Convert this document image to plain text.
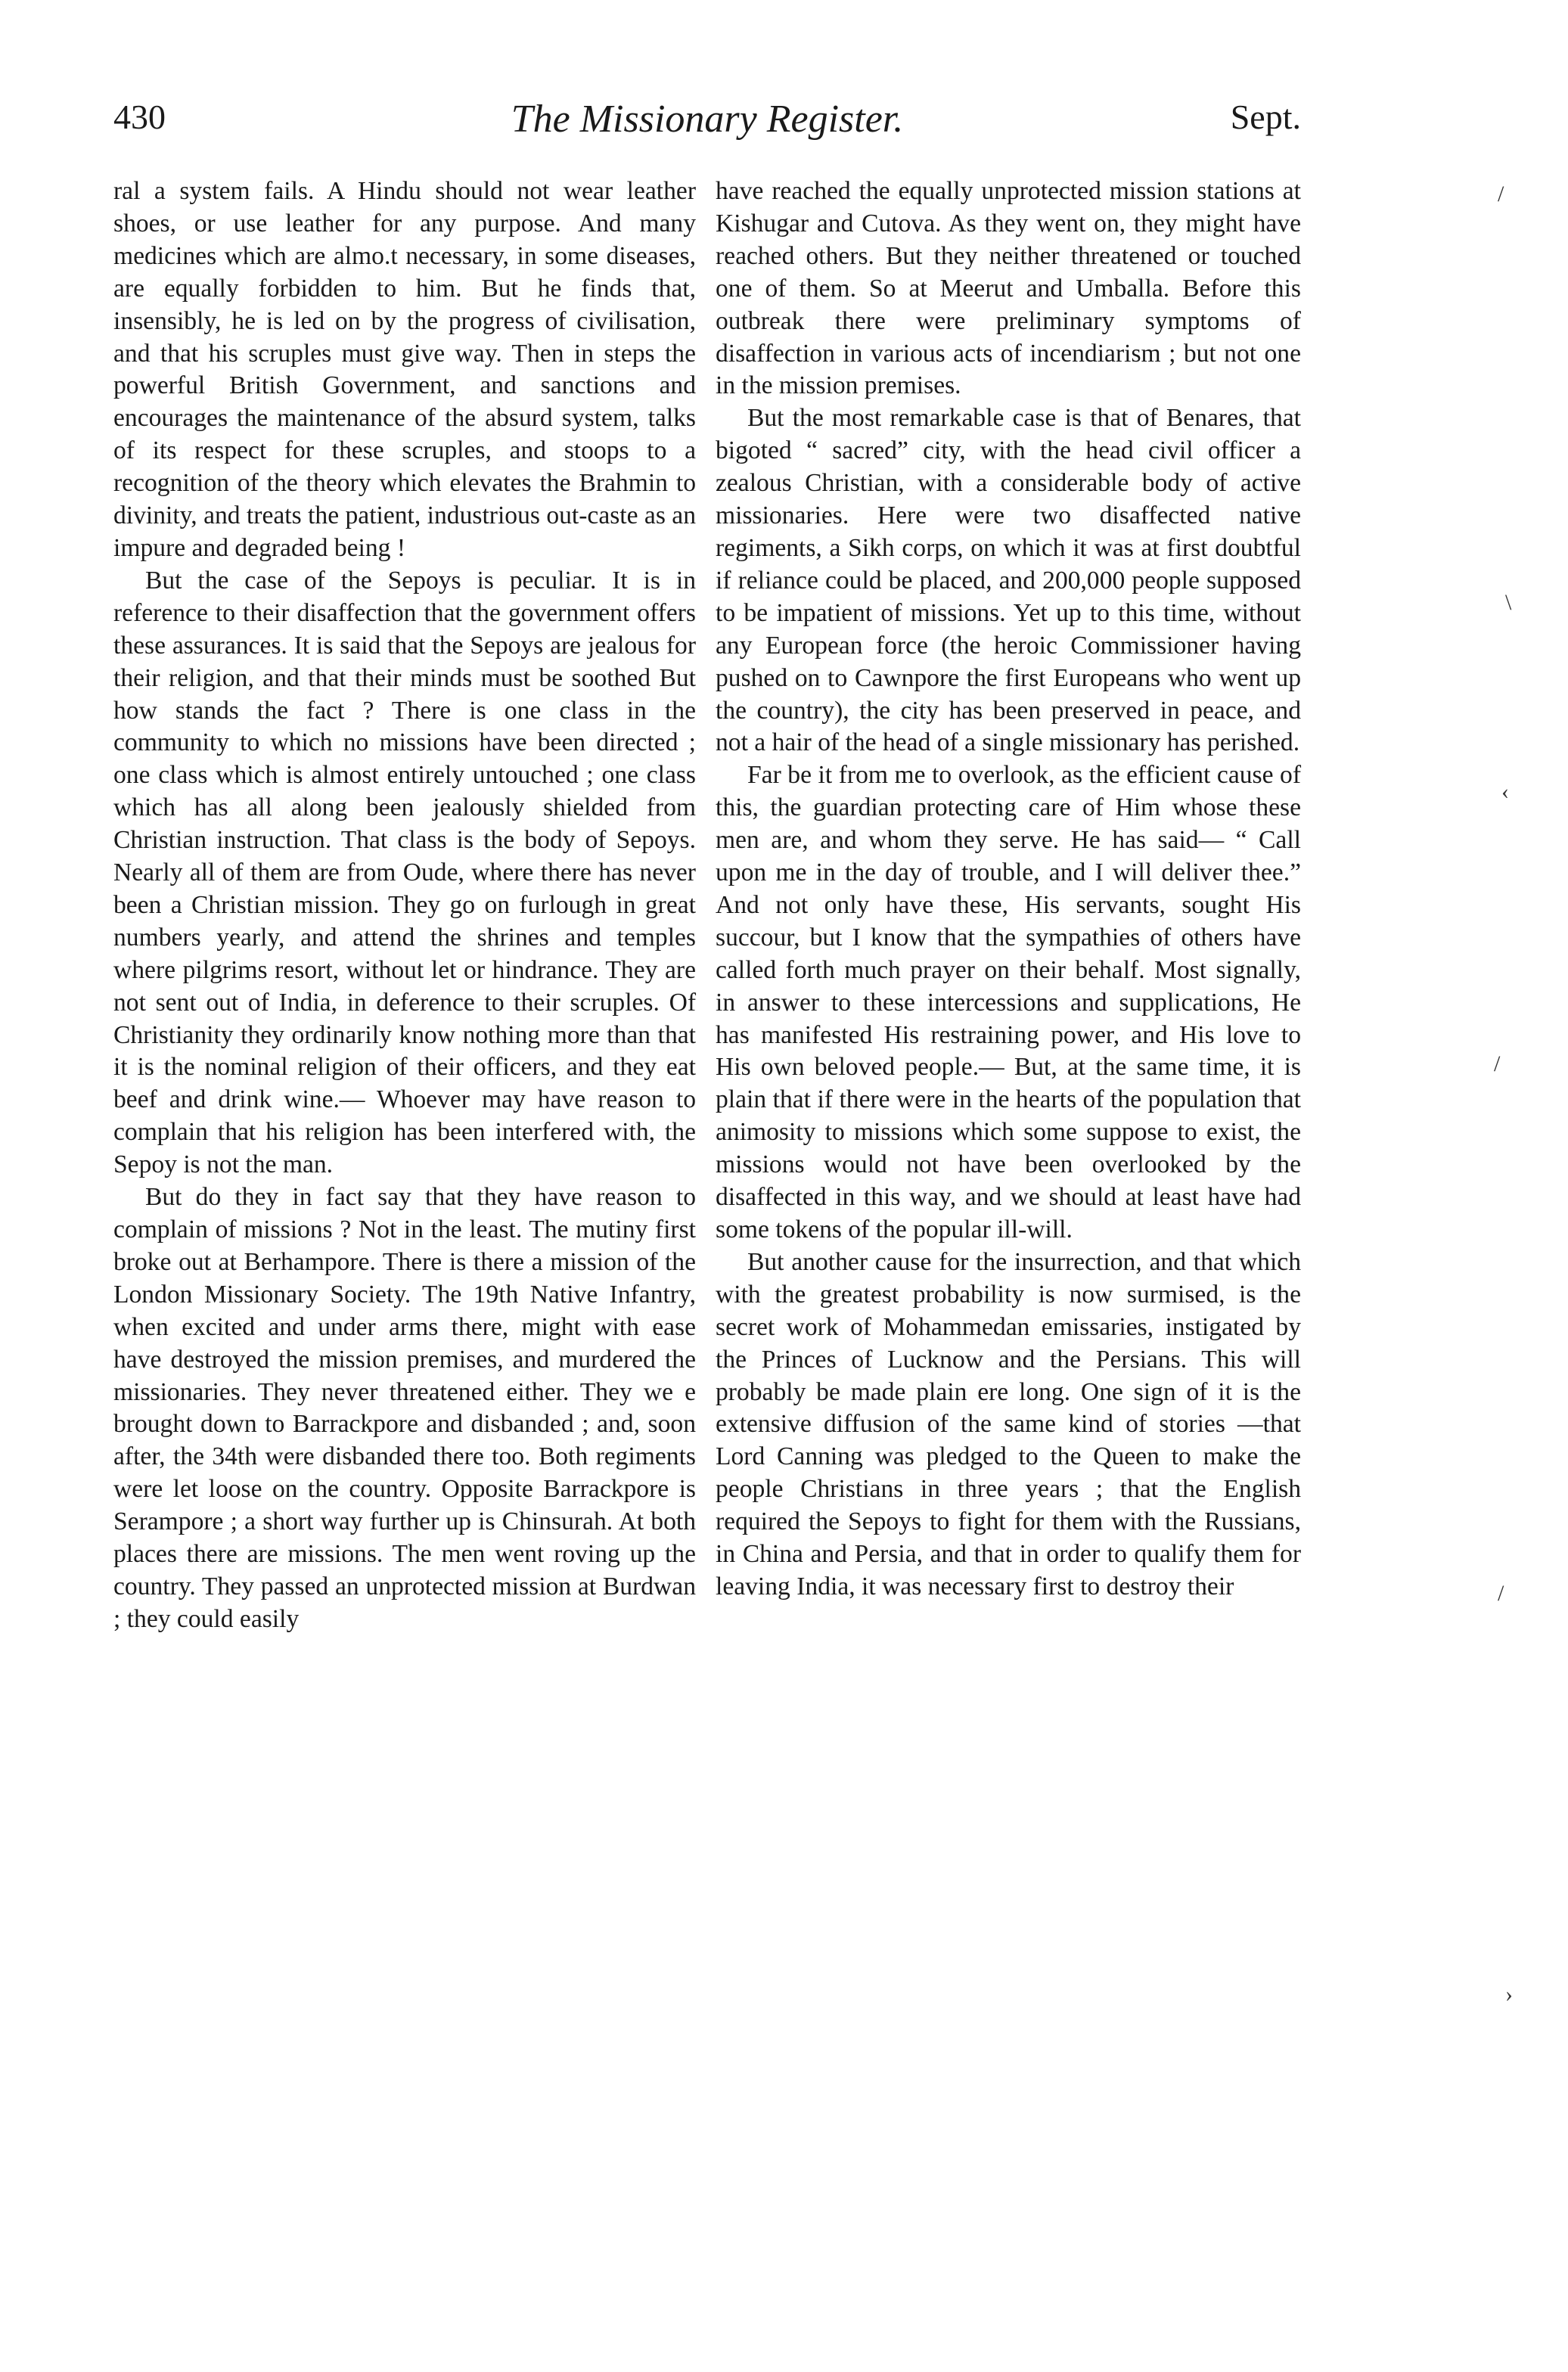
430	The Missionary Register.	Sept.

ral a system fails. A Hindu should not wear leather shoes, or use leather for any purpose. And many medicines which are almo.t necessary, in some diseases, are equally forbidden to him. But he finds that, insensibly, he is led on by the progress of civilisation, and that his scruples must give way. Then in steps the powerful British Government, and sanctions and encourages the maintenance of the absurd system, talks of its respect for these scruples, and stoops to a recognition of the theory which elevates the Brahmin to divinity, and treats the patient, industrious out-caste as an impure and degraded being !

But the case of the Sepoys is peculiar. It is in reference to their disaffection that the government offers these assurances. It is said that the Sepoys are jealous for their religion, and that their minds must be soothed But how stands the fact ? There is one class in the community to which no missions have been directed ; one class which is almost entirely untouched ; one class which has all along been jealously shielded from Christian instruction. That class is the body of Sepoys. Nearly all of them are from Oude, where there has never been a Christian mission. They go on furlough in great numbers yearly, and attend the shrines and temples where pilgrims resort, without let or hindrance. They are not sent out of India, in deference to their scruples. Of Christianity they ordinarily know nothing more than that it is the nominal religion of their officers, and they eat beef and drink wine.— Whoever may have reason to complain that his religion has been interfered with, the Sepoy is not the man.

But do they in fact say that they have reason to complain of missions ? Not in the least. The mutiny first broke out at Berhampore. There is there a mission of the London Missionary Society. The 19th Native Infantry, when excited and under arms there, might with ease have destroyed the mission premises, and murdered the missionaries. They never threatened either. They we e brought down to Barrackpore and disbanded ; and, soon after, the 34th were disbanded there too. Both regiments were let loose on the country. Opposite Barrackpore is Serampore ; a short way further up is Chinsurah. At both places there are missions. The men went roving up the country. They passed an unprotected mission at Burdwan ; they could easily

have reached the equally unprotected mission stations at Kishugar and Cutova. As they went on, they might have reached others. But they neither threatened or touched one of them. So at Meerut and Umballa. Before this outbreak there were preliminary symptoms of disaffection in various acts of incendiarism ; but not one in the mission premises.

But the most remarkable case is that of Benares, that bigoted “ sacred” city, with the head civil officer a zealous Christian, with a considerable body of active missionaries. Here were two disaffected native regiments, a Sikh corps, on which it was at first doubtful if reliance could be placed, and 200,000 people supposed to be impatient of missions. Yet up to this time, without any European force (the heroic Commissioner having pushed on to Cawnpore the first Europeans who went up the country), the city has been preserved in peace, and not a hair of the head of a single missionary has perished.

Far be it from me to overlook, as the efficient cause of this, the guardian protecting care of Him whose these men are, and whom they serve. He has said— “ Call upon me in the day of trouble, and I will deliver thee.” And not only have these, His servants, sought His succour, but I know that the sympathies of others have called forth much prayer on their behalf. Most signally, in answer to these intercessions and supplications, He has manifested His restraining power, and His love to His own beloved people.— But, at the same time, it is plain that if there were in the hearts of the population that animosity to missions which some suppose to exist, the missions would not have been overlooked by the disaffected in this way, and we should at least have had some tokens of the popular ill-will.

But another cause for the insurrection, and that which with the greatest probability is now surmised, is the secret work of Mohammedan emissaries, instigated by the Princes of Lucknow and the Persians. This will probably be made plain ere long. One sign of it is the extensive diffusion of the same kind of stories —that Lord Canning was pledged to the Queen to make the people Christians in three years ; that the English required the Sepoys to fight for them with the Russians, in China and Persia, and that in order to qualify them for leaving India, it was necessary first to destroy their

/
\
‹
/
/
›
